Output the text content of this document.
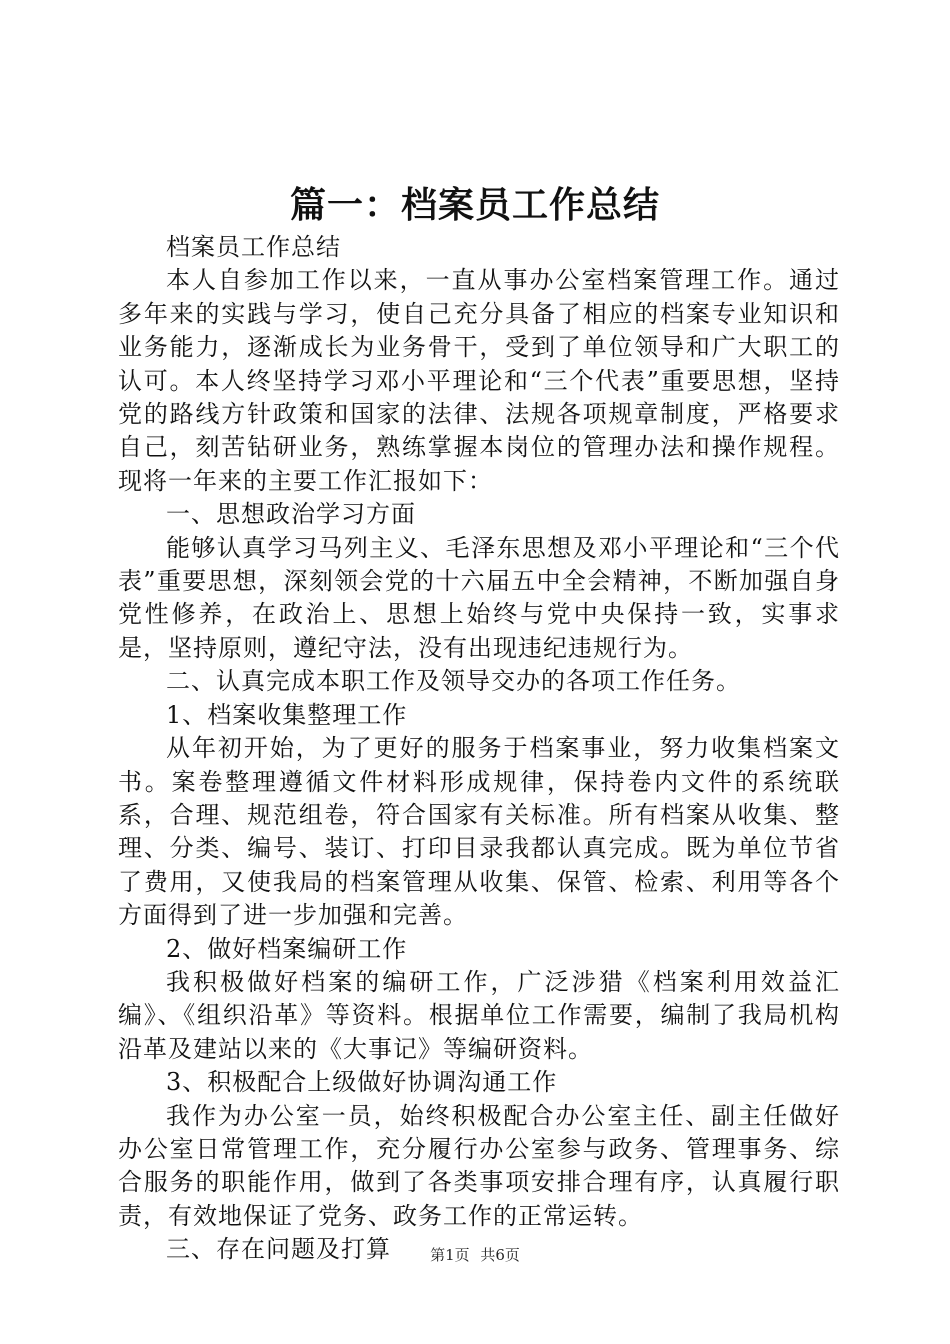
篇一：档案员工作总结

档案员工作总结

本人自参加工作以来，一直从事办公室档案管理工作。通过多年来的实践与学习，使自己充分具备了相应的档案专业知识和业务能力，逐渐成长为业务骨干，受到了单位领导和广大职工的认可。本人终坚持学习邓小平理论和“三个代表”重要思想，坚持党的路线方针政策和国家的法律、法规各项规章制度，严格要求自己，刻苦钻研业务，熟练掌握本岗位的管理办法和操作规程。现将一年来的主要工作汇报如下：

一、思想政治学习方面

能够认真学习马列主义、毛泽东思想及邓小平理论和“三个代表”重要思想，深刻领会党的十六届五中全会精神，不断加强自身党性修养，在政治上、思想上始终与党中央保持一致，实事求是，坚持原则，遵纪守法，没有出现违纪违规行为。

二、认真完成本职工作及领导交办的各项工作任务。

1、档案收集整理工作

从年初开始，为了更好的服务于档案事业，努力收集档案文书。案卷整理遵循文件材料形成规律，保持卷内文件的系统联系，合理、规范组卷，符合国家有关标准。所有档案从收集、整理、分类、编号、装订、打印目录我都认真完成。既为单位节省了费用，又使我局的档案管理从收集、保管、检索、利用等各个方面得到了进一步加强和完善。

2、做好档案编研工作

我积极做好档案的编研工作，广泛涉猎《档案利用效益汇编》、《组织沿革》等资料。根据单位工作需要，编制了我局机构沿革及建站以来的《大事记》等编研资料。

3、积极配合上级做好协调沟通工作

我作为办公室一员，始终积极配合办公室主任、副主任做好办公室日常管理工作，充分履行办公室参与政务、管理事务、综合服务的职能作用，做到了各类事项安排合理有序，认真履行职责，有效地保证了党务、政务工作的正常运转。

三、存在问题及打算	第1页 共6页
